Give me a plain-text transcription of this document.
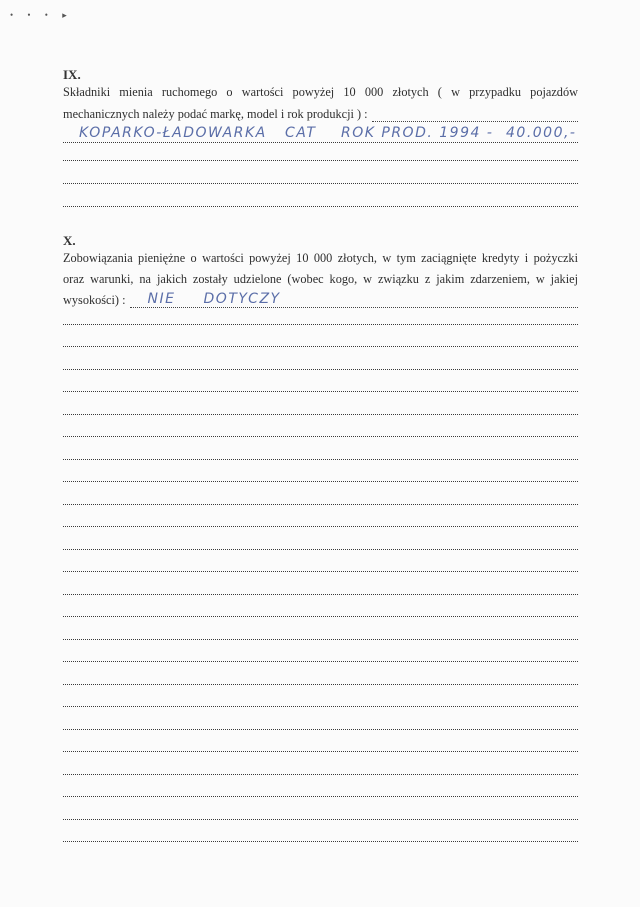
• • • ▸
IX.
Składniki mienia ruchomego o wartości powyżej 10 000 złotych ( w przypadku pojazdów
mechanicznych należy podać markę, model i rok produkcji ) :
KOPARKO-ŁADOWARKA CAT ROK PROD. 1994 - 40.000,-
X.
Zobowiązania pieniężne o wartości powyżej 10 000 złotych, w tym zaciągnięte kredyty i pożyczki
oraz warunki, na jakich zostały udzielone (wobec kogo, w związku z jakim zdarzeniem, w jakiej
wysokości) : NIE DOTYCZY
